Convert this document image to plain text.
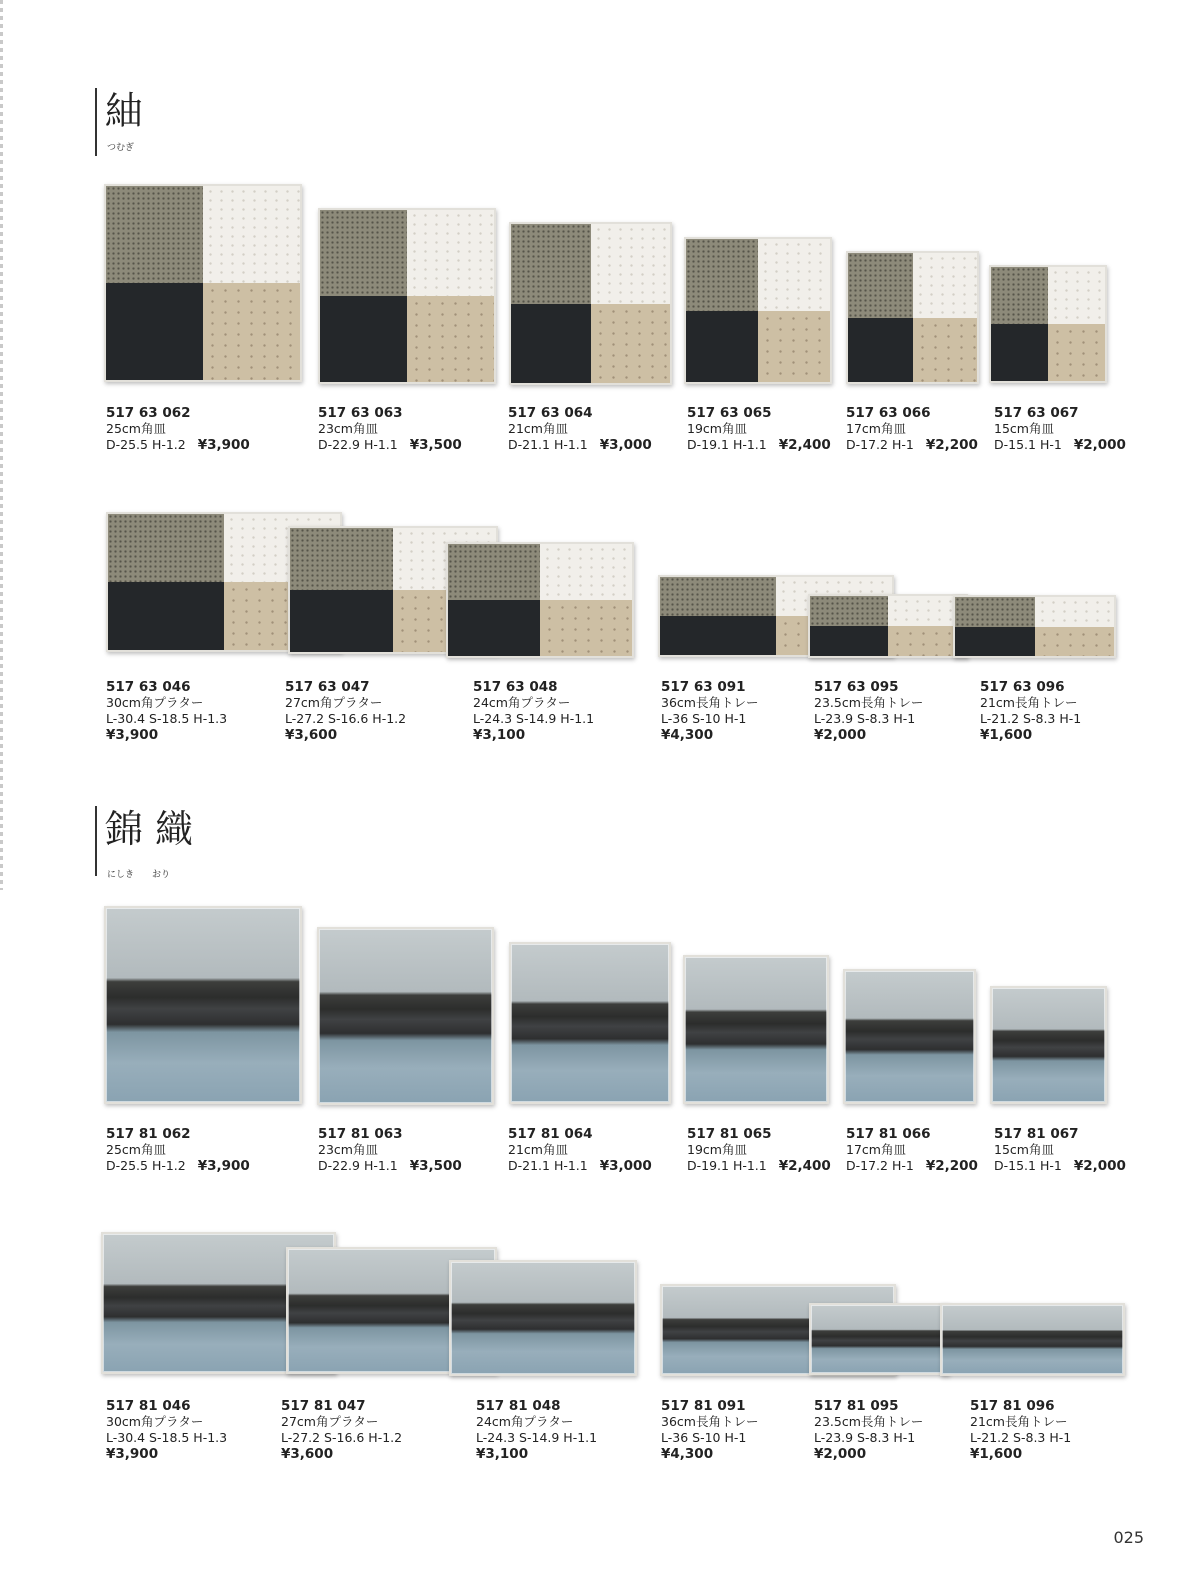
紬
つむぎ
517 63 062
25cm角皿
D-25.5 H-1.2 ¥3,900
517 63 063
23cm角皿
D-22.9 H-1.1 ¥3,500
517 63 064
21cm角皿
D-21.1 H-1.1 ¥3,000
517 63 065
19cm角皿
D-19.1 H-1.1 ¥2,400
517 63 066
17cm角皿
D-17.2 H-1 ¥2,200
517 63 067
15cm角皿
D-15.1 H-1 ¥2,000
517 63 046
30cm角プラター
L-30.4 S-18.5 H-1.3
¥3,900
517 63 047
27cm角プラター
L-27.2 S-16.6 H-1.2
¥3,600
517 63 048
24cm角プラター
L-24.3 S-14.9 H-1.1
¥3,100
517 63 091
36cm長角トレー
L-36 S-10 H-1
¥4,300
517 63 095
23.5cm長角トレー
L-23.9 S-8.3 H-1
¥2,000
517 63 096
21cm長角トレー
L-21.2 S-8.3 H-1
¥1,600
錦 織
にしき　　おり
517 81 062
25cm角皿
D-25.5 H-1.2 ¥3,900
517 81 063
23cm角皿
D-22.9 H-1.1 ¥3,500
517 81 064
21cm角皿
D-21.1 H-1.1 ¥3,000
517 81 065
19cm角皿
D-19.1 H-1.1 ¥2,400
517 81 066
17cm角皿
D-17.2 H-1 ¥2,200
517 81 067
15cm角皿
D-15.1 H-1 ¥2,000
517 81 046
30cm角プラター
L-30.4 S-18.5 H-1.3
¥3,900
517 81 047
27cm角プラター
L-27.2 S-16.6 H-1.2
¥3,600
517 81 048
24cm角プラター
L-24.3 S-14.9 H-1.1
¥3,100
517 81 091
36cm長角トレー
L-36 S-10 H-1
¥4,300
517 81 095
23.5cm長角トレー
L-23.9 S-8.3 H-1
¥2,000
517 81 096
21cm長角トレー
L-21.2 S-8.3 H-1
¥1,600
025
